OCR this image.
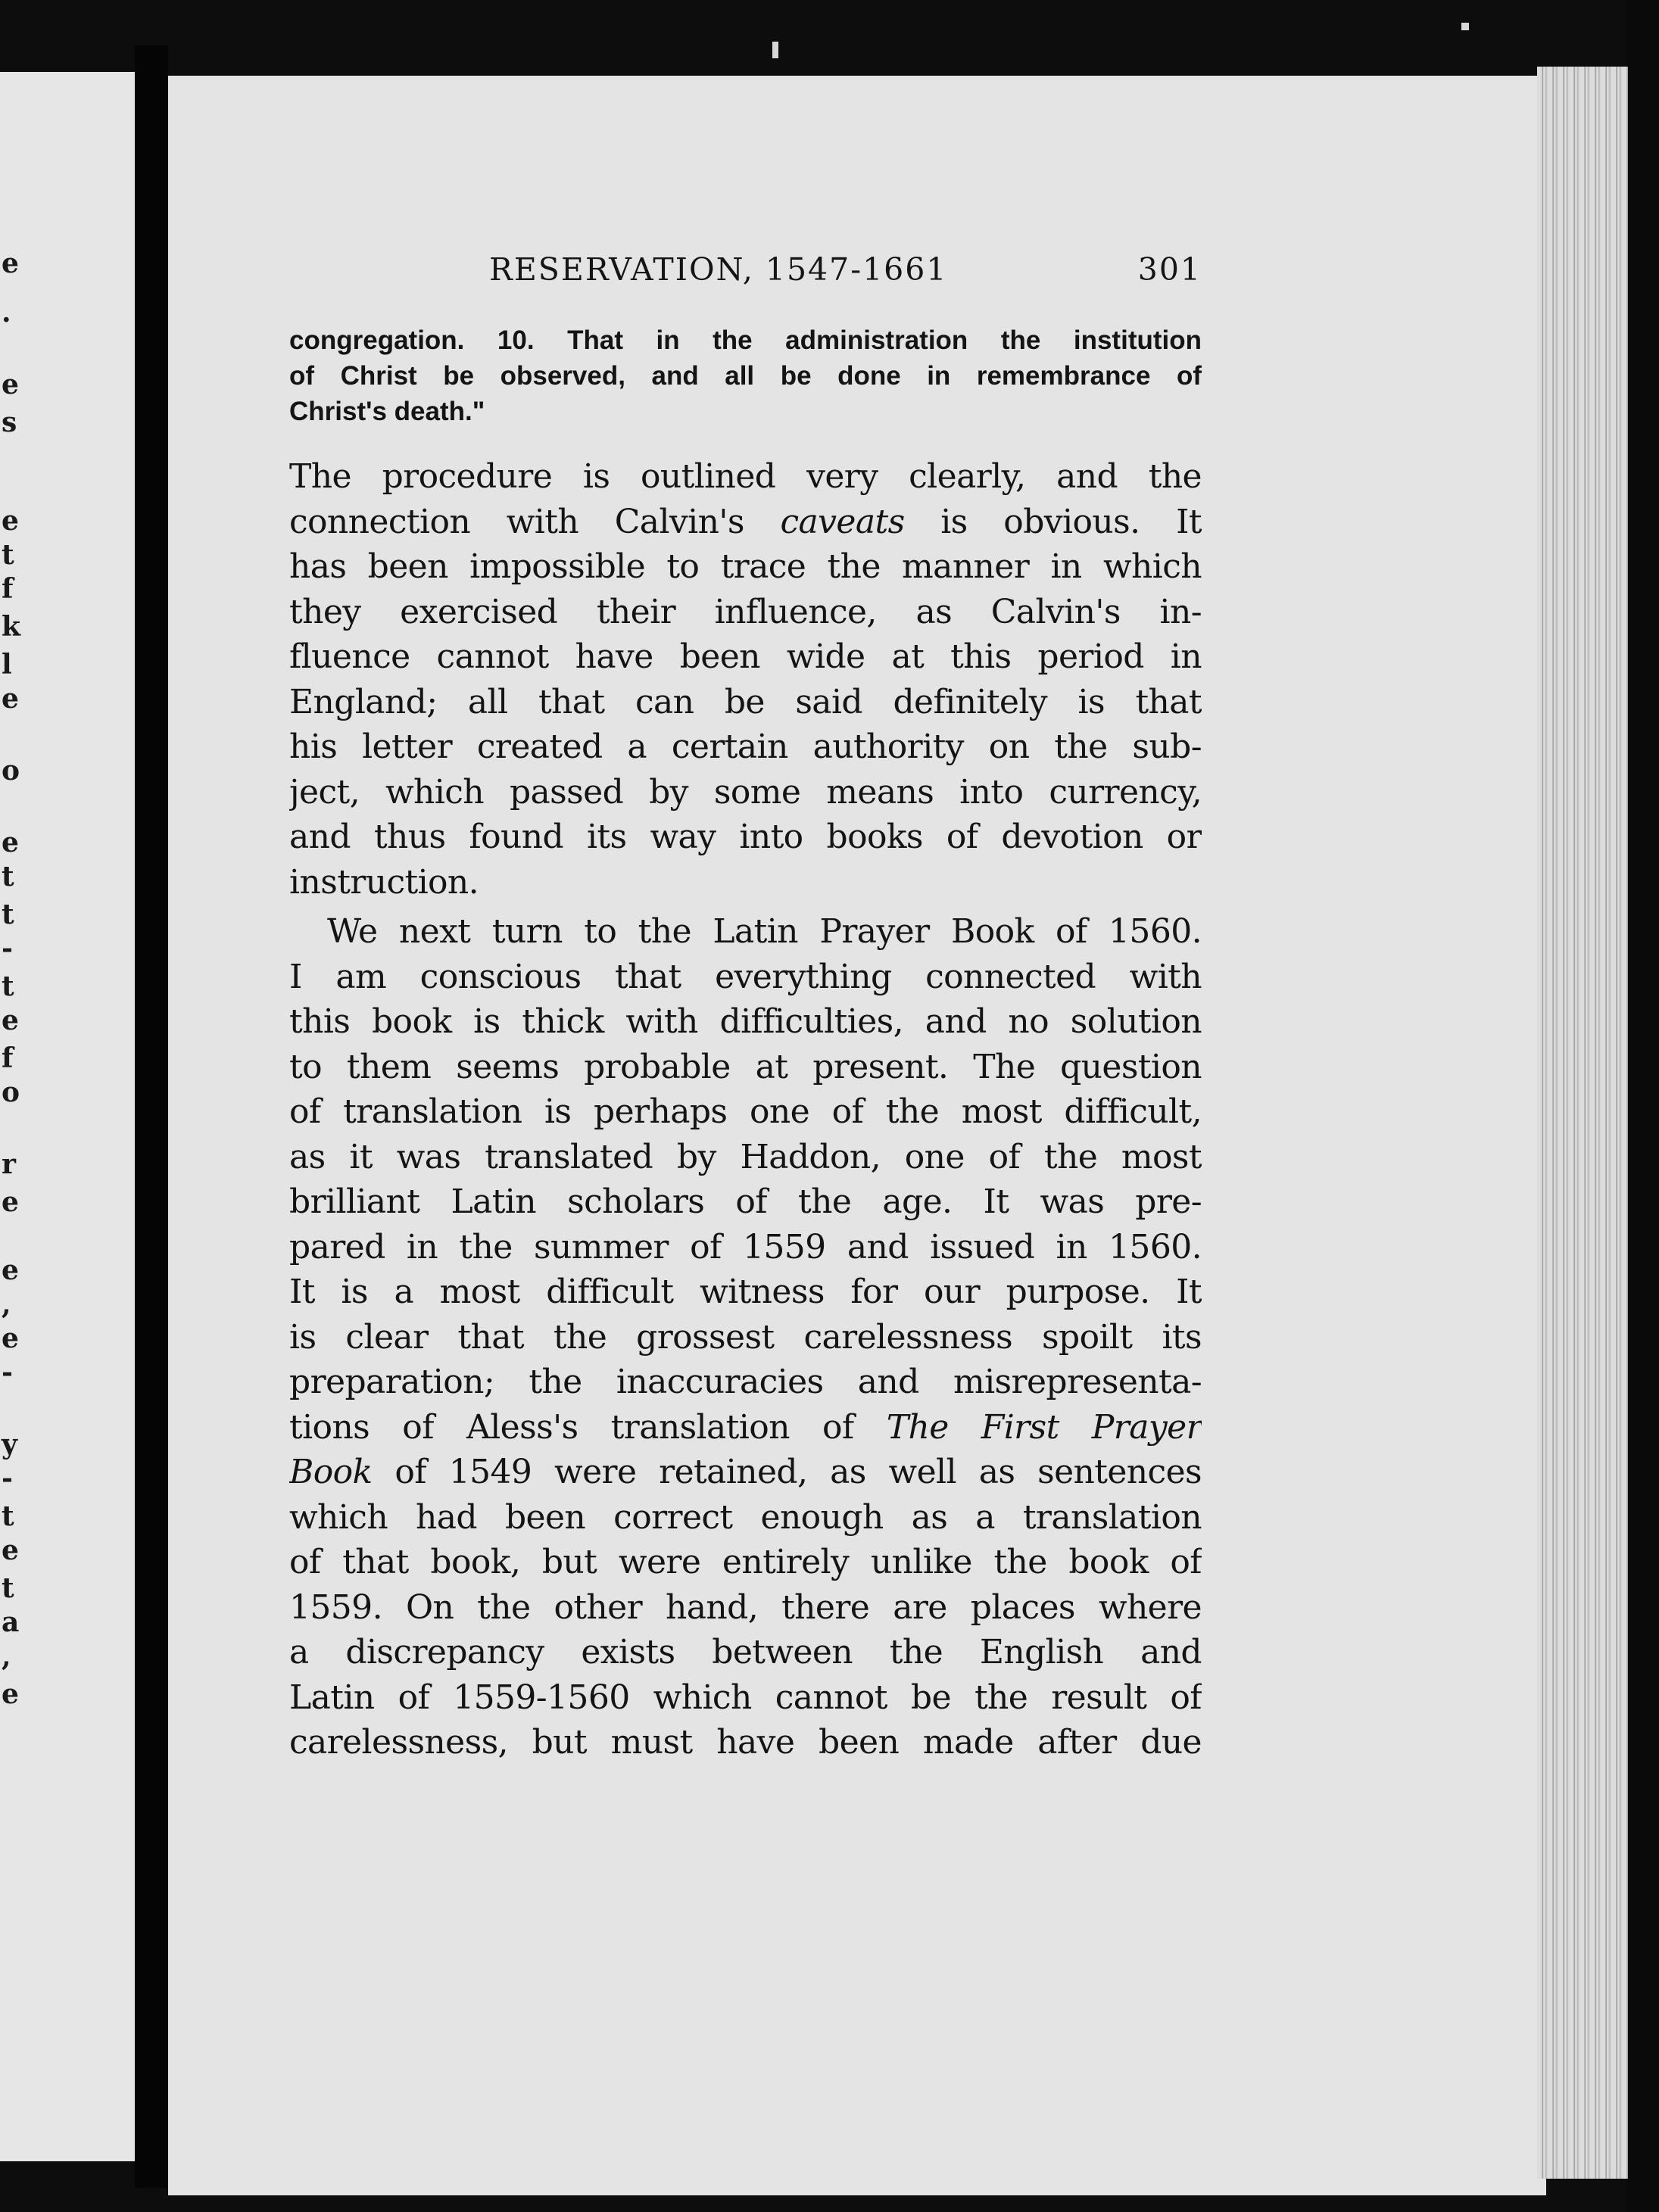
e
.
e
s
e
t
f
k
l
e
o
e
t
t
-
t
e
f
o
r
e
e
,
e
-
y
-
t
e
t
a
,
e
RESERVATION, 1547-1661	301
congregation. 10. That in the administration the institution
of Christ be observed, and all be done in remembrance of
Christ's death."
The procedure is outlined very clearly, and the
connection with Calvin's caveats is obvious. It
has been impossible to trace the manner in which
they exercised their influence, as Calvin's in-
fluence cannot have been wide at this period in
England; all that can be said definitely is that
his letter created a certain authority on the sub-
ject, which passed by some means into currency,
and thus found its way into books of devotion or
instruction.
We next turn to the Latin Prayer Book of 1560.
I am conscious that everything connected with
this book is thick with difficulties, and no solution
to them seems probable at present. The question
of translation is perhaps one of the most difficult,
as it was translated by Haddon, one of the most
brilliant Latin scholars of the age. It was pre-
pared in the summer of 1559 and issued in 1560.
It is a most difficult witness for our purpose. It
is clear that the grossest carelessness spoilt its
preparation; the inaccuracies and misrepresenta-
tions of Aless's translation of The First Prayer
Book of 1549 were retained, as well as sentences
which had been correct enough as a translation
of that book, but were entirely unlike the book of
1559. On the other hand, there are places where
a discrepancy exists between the English and
Latin of 1559-1560 which cannot be the result of
carelessness, but must have been made after due
